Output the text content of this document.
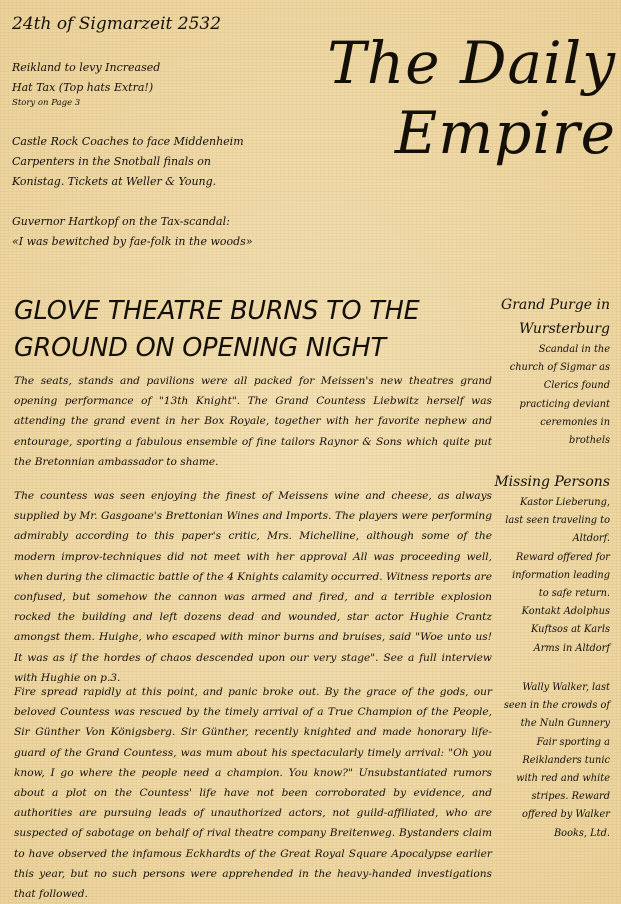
24th of Sigmarzeit 2532

The Daily
Empire

Reikland to levy Increased
Hat Tax (Top hats Extra!)
Story on Page 3

Castle Rock Coaches to face Middenheim
Carpenters in the Snotball finals on
Konistag. Tickets at Weller & Young.

Guvernor Hartkopf on the Tax-scandal:
«I was bewitched by fae-folk in the woods»

GLOVE THEATRE BURNS TO THE
GROUND ON OPENING NIGHT

The seats, stands and pavilions were all packed for Meissen's new theatres grand opening performance of "13th Knight". The Grand Countess Liebwitz herself was attending the grand event in her Box Royale, together with her favorite nephew and entourage, sporting a fabulous ensemble of fine tailors Raynor & Sons which quite put the Bretonnian ambassador to shame.

The countess was seen enjoying the finest of Meissens wine and cheese, as always supplied by Mr. Gasgoane's Brettonian Wines and Imports. The players were performing admirably according to this paper's critic, Mrs. Michelline, although some of the modern improv-techniques did not meet with her approval All was proceeding well, when during the climactic battle of the 4 Knights calamity occurred. Witness reports are confused, but somehow the cannon was armed and fired, and a terrible explosion rocked the building and left dozens dead and wounded, star actor Hughie Crantz amongst them. Huighe, who escaped with minor burns and bruises, said "Woe unto us! It was as if the hordes of chaos descended upon our very stage". See a full interview with Hughie on p.3.

Fire spread rapidly at this point, and panic broke out. By the grace of the gods, our beloved Countess was rescued by the timely arrival of a True Champion of the People, Sir Günther Von Königsberg. Sir Günther, recently knighted and made honorary life-guard of the Grand Countess, was mum about his spectacularly timely arrival: "Oh you know, I go where the people need a champion. You know?" Unsubstantiated rumors about a plot on the Countess' life have not been corroborated by evidence, and authorities are pursuing leads of unauthorized actors, not guild-affiliated, who are suspected of sabotage on behalf of rival theatre company Breitenweg. Bystanders claim to have observed the infamous Eckhardts of the Great Royal Square Apocalypse earlier this year, but no such persons were apprehended in the heavy-handed investigations that followed.

Grand Purge in
Wursterburg
Scandal in the
church of Sigmar as
Clerics found
practicing deviant
ceremonies in
brothels
Missing Persons
Kastor Lieberung,
last seen traveling to
Altdorf.
Reward offered for
information leading
to safe return.
Kontakt Adolphus
Kuftsos at Karls
Arms in Altdorf
Wally Walker, last
seen in the crowds of
the Nuln Gunnery
Fair sporting a
Reiklanders tunic
with red and white
stripes. Reward
offered by Walker
Books, Ltd.
